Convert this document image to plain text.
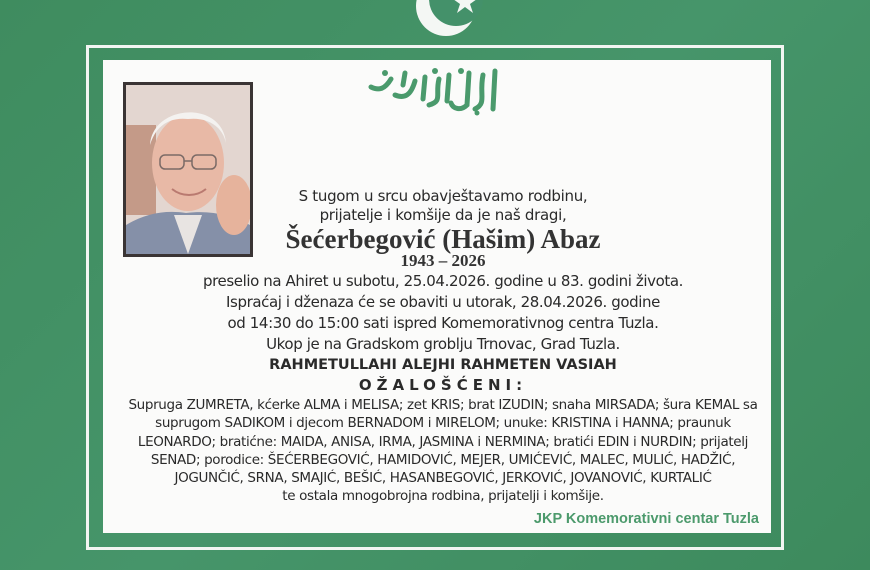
S tugom u srcu obavještavamo rodbinu,
prijatelje i komšije da je naš dragi,
Šećerbegović (Hašim) Abaz
1943 – 2026
preselio na Ahiret u subotu, 25.04.2026. godine u 83. godini života.
Ispraćaj i dženaza će se obaviti u utorak, 28.04.2026. godine
od 14:30 do 15:00 sati ispred Komemorativnog centra Tuzla.
Ukop je na Gradskom groblju Trnovac, Grad Tuzla.
RAHMETULLAHI ALEJHI RAHMETEN VASIAH
OŽALOŠĆENI:
Supruga ZUMRETA, kćerke ALMA i MELISA; zet KRIS; brat IZUDIN; snaha MIRSADA; šura KEMAL sa
suprugom SADIKOM i djecom BERNADOM i MIRELOM; unuke: KRISTINA i HANNA; praunuk
LEONARDO; bratićne: MAIDA, ANISA, IRMA, JASMINA i NERMINA; bratići EDIN i NURDIN; prijatelj
SENAD; porodice: ŠEĆERBEGOVIĆ, HAMIDOVIĆ, MEJER, UMIĆEVIĆ, MALEC, MULIĆ, HADŽIĆ,
JOGUNČIĆ, SRNA, SMAJIĆ, BEŠIĆ, HASANBEGOVIĆ, JERKOVIĆ, JOVANOVIĆ, KURTALIĆ
te ostala mnogobrojna rodbina, prijatelji i komšije.
JKP Komemorativni centar Tuzla
